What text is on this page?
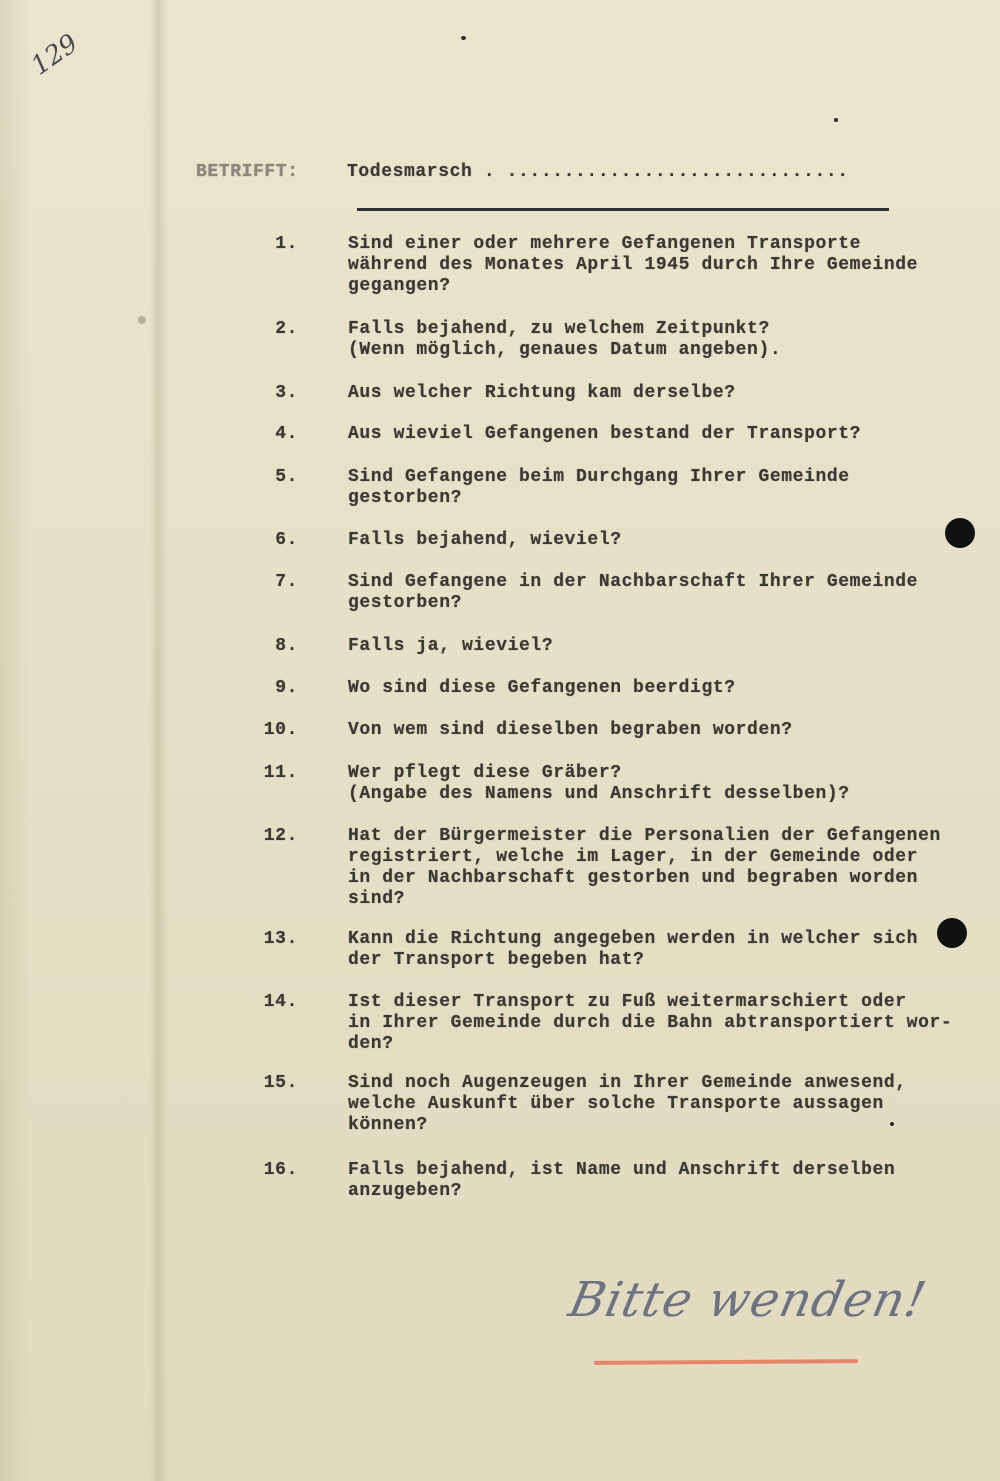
129
BETRIFFT:	Todesmarsch . ..............................
1.	Sind einer oder mehrere Gefangenen Transporte
während des Monates April 1945 durch Ihre Gemeinde
gegangen?
2.	Falls bejahend, zu welchem Zeitpunkt?
(Wenn möglich, genaues Datum angeben).
3.	Aus welcher Richtung kam derselbe?
4.	Aus wieviel Gefangenen bestand der Transport?
5.	Sind Gefangene beim Durchgang Ihrer Gemeinde
gestorben?
6.	Falls bejahend, wieviel?
7.	Sind Gefangene in der Nachbarschaft Ihrer Gemeinde
gestorben?
8.	Falls ja, wieviel?
9.	Wo sind diese Gefangenen beerdigt?
10.	Von wem sind dieselben begraben worden?
11.	Wer pflegt diese Gräber?
(Angabe des Namens und Anschrift desselben)?
12.	Hat der Bürgermeister die Personalien der Gefangenen
registriert, welche im Lager, in der Gemeinde oder
in der Nachbarschaft gestorben und begraben worden
sind?
13.	Kann die Richtung angegeben werden in welcher sich
der Transport begeben hat?
14.	Ist dieser Transport zu Fuß weitermarschiert oder
in Ihrer Gemeinde durch die Bahn abtransportiert wor-
den?
15.	Sind noch Augenzeugen in Ihrer Gemeinde anwesend,
welche Auskunft über solche Transporte aussagen
können?
16.	Falls bejahend, ist Name und Anschrift derselben
anzugeben?
Bitte wenden!
